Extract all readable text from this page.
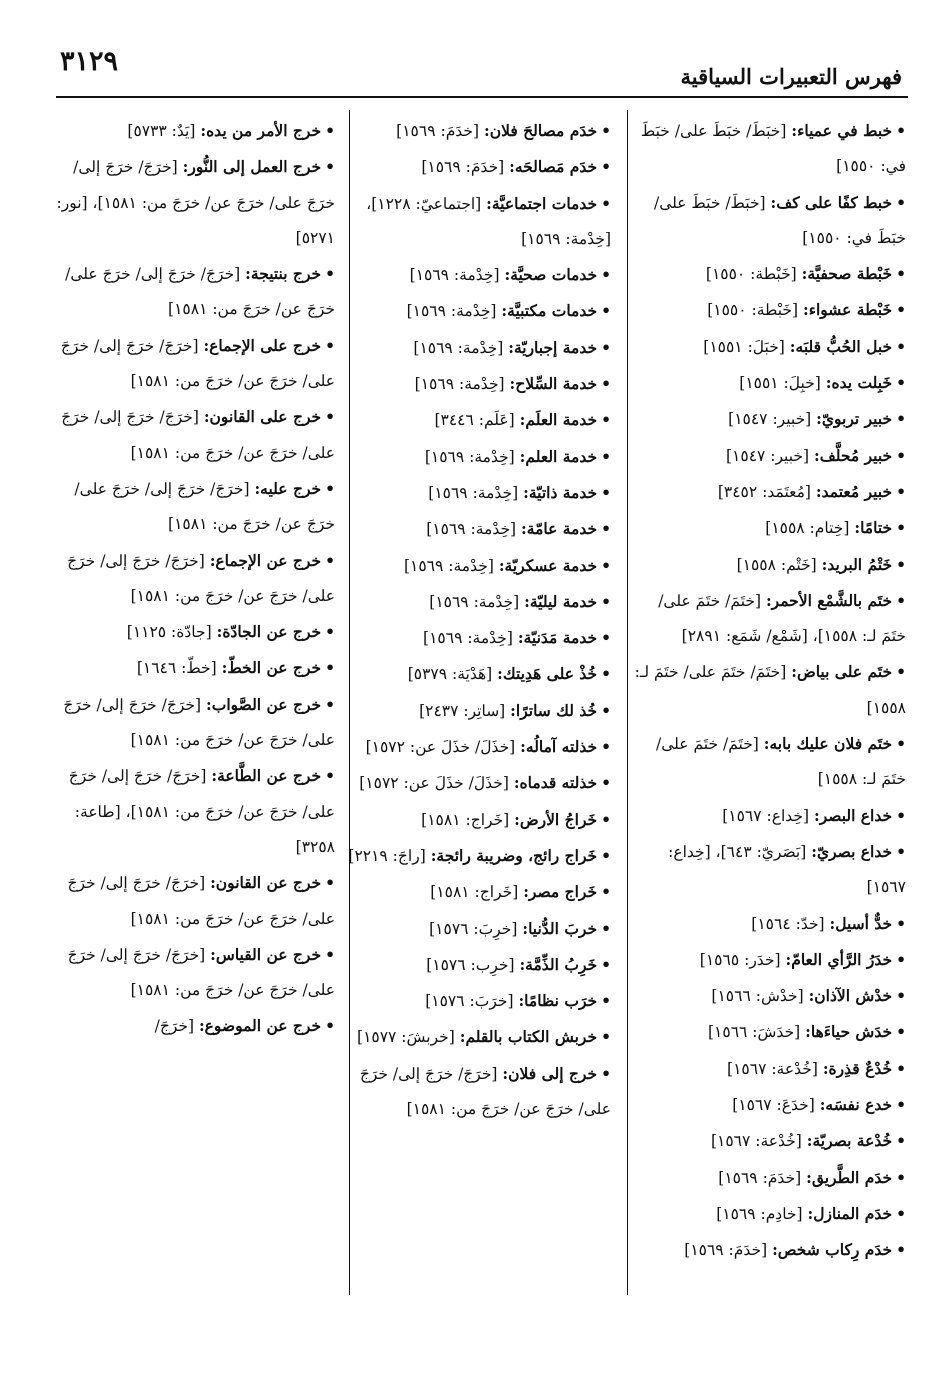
٣١٢٩	فهرس التعبيرات السياقية

•خبط في عمياء: [خبَطَ/ خبَطَ على/ خبَطَ في: ١٥٥٠]

•خبط كفًا على كف: [خبَطَ/ خبَطَ على/ خبَطَ في: ١٥٥٠]

•خَبْطة صحفيَّة: [خَبْطة: ١٥٥٠]

•خَبْطة عشواء: [خَبْطة: ١٥٥٠]

•خبل الحُبُّ قلبَه: [خبَلَ: ١٥٥١]

•خَبِلت يده: [خبِلَ: ١٥٥١]

•خبير تربويّ: [خبير: ١٥٤٧]

•خبير مُحلَّف: [خبير: ١٥٤٧]

•خبير مُعتمد: [مُعتَمَد: ٣٤٥٢]

•ختامًا: [خِتام: ١٥٥٨]

•خَتْمُ البريد: [خَتْم: ١٥٥٨]

•ختَم بالشَّمْع الأحمر: [ختَمَ/ ختَمَ على/ ختَمَ لـ: ١٥٥٨]، [شَمْع/ شَمَع: ٢٨٩١]

•ختَم على بياض: [ختَمَ/ ختَمَ على/ ختَمَ لـ: ١٥٥٨]

•ختَم فلان عليك بابه: [ختَمَ/ ختَمَ على/ ختَمَ لـ: ١٥٥٨]

•خداع البصر: [خِداع: ١٥٦٧]

•خداع بصريّ: [بَصَريّ: ٦٤٣]، [خِداع: ١٥٦٧]

•خدٌّ أسيل: [خدّ: ١٥٦٤]

•خدَرُ الرَّأي العامّ: [خدَر: ١٥٦٥]

•خدْش الآذان: [خدْش: ١٥٦٦]

•خدَش حياءَها: [خدَشَ: ١٥٦٦]

•خُدْعٌ قذِرة: [خُدْعة: ١٥٦٧]

•خدع نفسَه: [خدَعَ: ١٥٦٧]

•خُدْعة بصريّة: [خُدْعة: ١٥٦٧]

•خدَم الطَّريق: [خدَمَ: ١٥٦٩]

•خدَم المنازل: [خادِم: ١٥٦٩]

•خدَم رِكاب شخص: [خدَمَ: ١٥٦٩]

•خدَم مصالحَ فلان: [خدَمَ: ١٥٦٩]

•خدَم مَصالحَه: [خدَمَ: ١٥٦٩]

•خدمات اجتماعيَّة: [اجتماعيّ: ١٢٢٨]، [خِدْمة: ١٥٦٩]

•خدمات صحيَّة: [خِدْمة: ١٥٦٩]

•خدمات مكتبيَّة: [خِدْمة: ١٥٦٩]

•خدمة إجباريّة: [خِدْمة: ١٥٦٩]

•خدمة السِّلاح: [خِدْمة: ١٥٦٩]

•خدمة العلَم: [عَلَم: ٣٤٤٦]

•خدمة العلم: [خِدْمة: ١٥٦٩]

•خدمة ذاتيّة: [خِدْمة: ١٥٦٩]

•خدمة عامّة: [خِدْمة: ١٥٦٩]

•خدمة عسكريّة: [خِدْمة: ١٥٦٩]

•خدمة ليليّة: [خِدْمة: ١٥٦٩]

•خدمة مَدَنيّة: [خِدْمة: ١٥٦٩]

•خُذْ على هَدِيتك: [هَدْيَة: ٥٣٧٩]

•خُذ لك ساترًا: [ساتِر: ٢٤٣٧]

•خذلته آمالُه: [خذَلَ/ خذَلَ عن: ١٥٧٢]

•خذلته قدماه: [خذَلَ/ خذَلَ عن: ١٥٧٢]

•خَراجُ الأرض: [خَراج: ١٥٨١]

•خَراج رائج، وضريبة رائجة: [راجَ: ٢٢١٩]

•خَراج مصر: [خَراج: ١٥٨١]

•خربَ الدُّنيا: [خرِبَ: ١٥٧٦]

•خَرِبُ الذِّمَّة: [خرِب: ١٥٧٦]

•خرَب نظامًا: [خرَبَ: ١٥٧٦]

•خربش الكتاب بالقلم: [خربشَ: ١٥٧٧]

•خرج إلى فلان: [خرَجَ/ خرَجَ إلى/ خرَجَ على/ خرَجَ عن/ خرَجَ من: ١٥٨١]

•خرج الأمر من يده: [يَدٌ: ٥٧٣٣]

•خرج العمل إلى النُّور: [خرَجَ/ خرَجَ إلى/ خرَجَ على/ خرَجَ عن/ خرَجَ من: ١٥٨١]، [نور: ٥٢٧١]

•خرج بنتيجة: [خرَجَ/ خرَجَ إلى/ خرَجَ على/ خرَجَ عن/ خرَجَ من: ١٥٨١]

•خرج على الإجماع: [خرَجَ/ خرَجَ إلى/ خرَجَ على/ خرَجَ عن/ خرَجَ من: ١٥٨١]

•خرج على القانون: [خرَجَ/ خرَجَ إلى/ خرَجَ على/ خرَجَ عن/ خرَجَ من: ١٥٨١]

•خرج عليه: [خرَجَ/ خرَجَ إلى/ خرَجَ على/ خرَجَ عن/ خرَجَ من: ١٥٨١]

•خرج عن الإجماع: [خرَجَ/ خرَجَ إلى/ خرَجَ على/ خرَجَ عن/ خرَجَ من: ١٥٨١]

•خرج عن الجادّة: [جادّة: ١١٢٥]

•خرج عن الخطّ: [خطّ: ١٦٤٦]

•خرج عن الصَّواب: [خرَجَ/ خرَجَ إلى/ خرَجَ على/ خرَجَ عن/ خرَجَ من: ١٥٨١]

•خرج عن الطَّاعة: [خرَجَ/ خرَجَ إلى/ خرَجَ على/ خرَجَ عن/ خرَجَ من: ١٥٨١]، [طاعة: ٣٢٥٨]

•خرج عن القانون: [خرَجَ/ خرَجَ إلى/ خرَجَ على/ خرَجَ عن/ خرَجَ من: ١٥٨١]

•خرج عن القياس: [خرَجَ/ خرَجَ إلى/ خرَجَ على/ خرَجَ عن/ خرَجَ من: ١٥٨١]

•خرج عن الموضوع: [خرَجَ/
